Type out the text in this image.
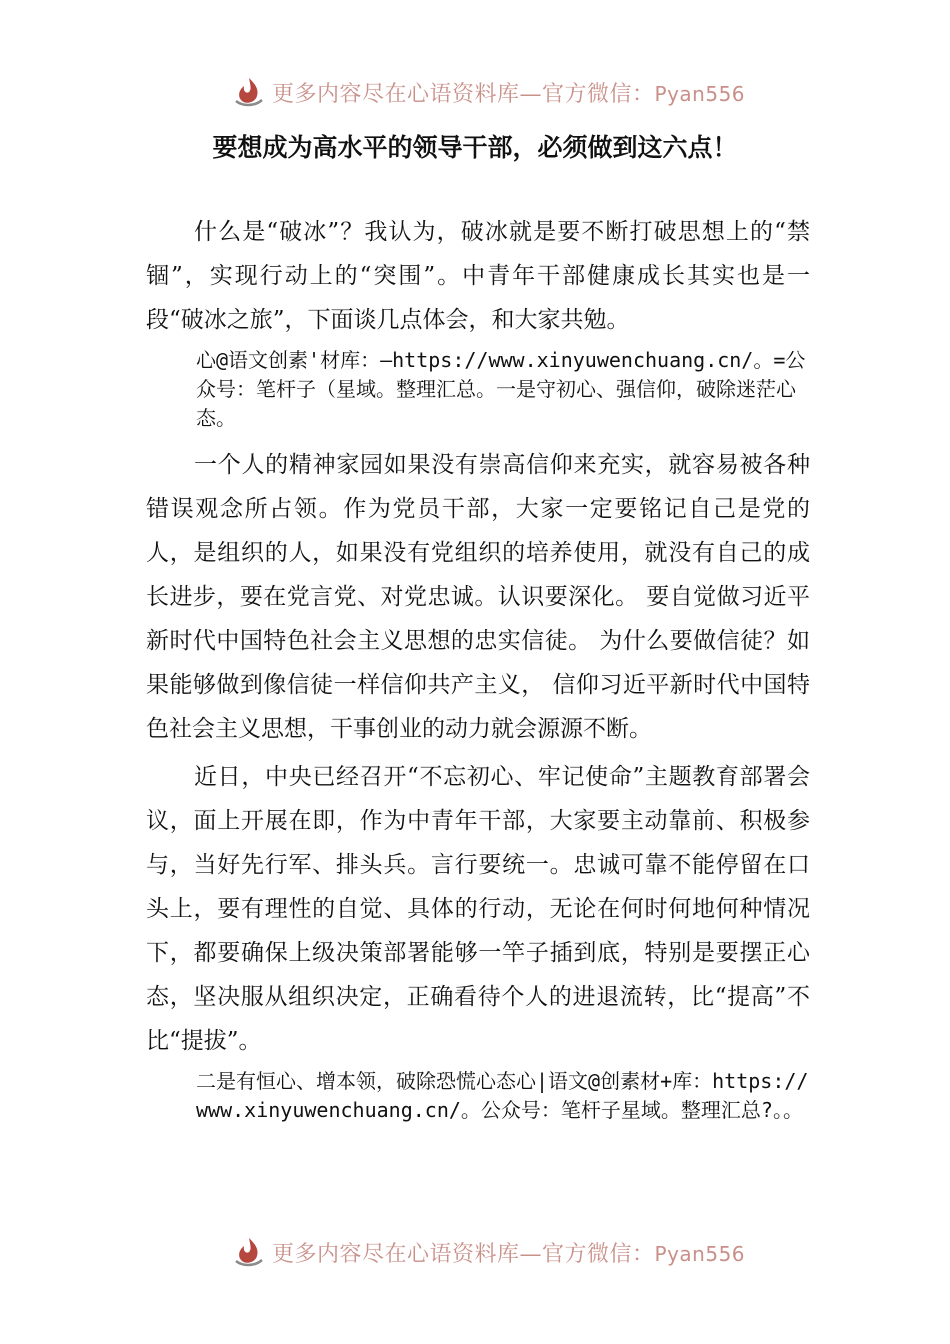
更多内容尽在心语资料库—官方微信：Pyan556
要想成为高水平的领导干部，必须做到这六点！

什么是“破冰”？我认为，破冰就是要不断打破思想上的“禁锢”，实现行动上的“突围”。中青年干部健康成长其实也是一段“破冰之旅”，下面谈几点体会，和大家共勉。

心@语文创素'材库：—https://www.xinyuwenchuang.cn/。=公众号：笔杆子（星域。整理汇总。一是守初心、强信仰，破除迷茫心态。

一个人的精神家园如果没有崇高信仰来充实，就容易被各种错误观念所占领。作为党员干部，大家一定要铭记自己是党的人，是组织的人，如果没有党组织的培养使用，就没有自己的成长进步，要在党言党、对党忠诚。认识要深化。 要自觉做习近平新时代中国特色社会主义思想的忠实信徒。 为什么要做信徒？如果能够做到像信徒一样信仰共产主义， 信仰习近平新时代中国特色社会主义思想，干事创业的动力就会源源不断。

近日，中央已经召开“不忘初心、牢记使命”主题教育部署会议，面上开展在即，作为中青年干部，大家要主动靠前、积极参与，当好先行军、排头兵。言行要统一。忠诚可靠不能停留在口头上，要有理性的自觉、具体的行动，无论在何时何地何种情况下，都要确保上级决策部署能够一竿子插到底，特别是要摆正心态，坚决服从组织决定，正确看待个人的进退流转，比“提高”不比“提拔”。

二是有恒心、增本领，破除恐慌心态心|语文@创素材+库：https://www.xinyuwenchuang.cn/。公众号：笔杆子星域。整理汇总?。。

更多内容尽在心语资料库—官方微信：Pyan556
